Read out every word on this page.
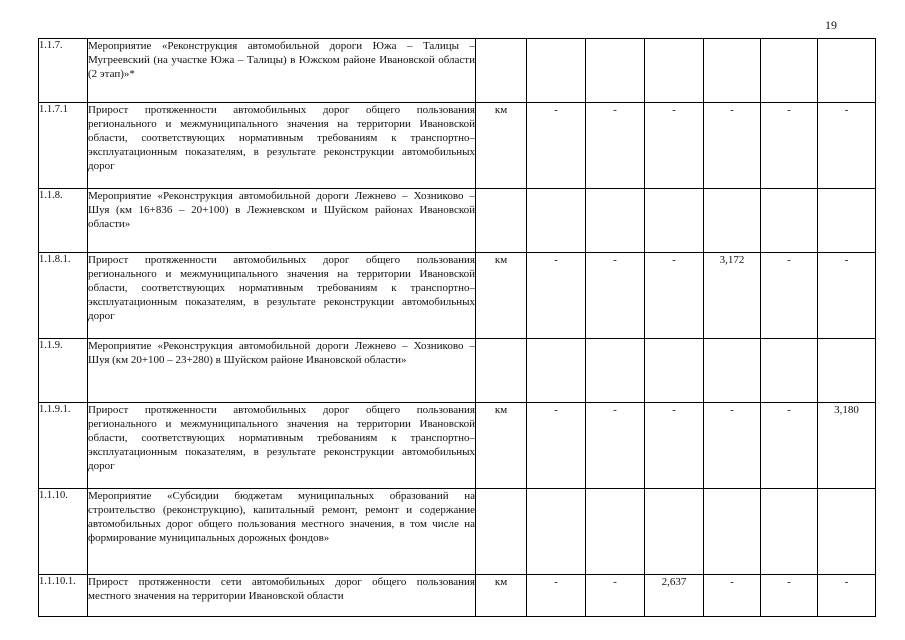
19
1.1.7.	Мероприятие «Реконструкция автомобильной дороги Южа – Талицы – Мугреевский (на участке Южа – Талицы) в Южском районе Ивановской области (2 этап)»*							
1.1.7.1	Прирост протяженности автомобильных дорог общего пользования регионального и межмуниципального значения на территории Ивановской области, соответствующих нормативным требованиям к транспортно–эксплуатационным показателям, в результате реконструкции автомобильных дорог	км	-	-	-	-	-	-
1.1.8.	Мероприятие «Реконструкция автомобильной дороги Лежнево – Хозниково – Шуя (км 16+836 – 20+100) в Лежневском и Шуйском районах Ивановской области»							
1.1.8.1.	Прирост протяженности автомобильных дорог общего пользования регионального и межмуниципального значения на территории Ивановской области, соответствующих нормативным требованиям к транспортно–эксплуатационным показателям, в результате реконструкции автомобильных дорог	км	-	-	-	3,172	-	-
1.1.9.	Мероприятие «Реконструкция автомобильной дороги Лежнево – Хозниково – Шуя (км 20+100 – 23+280) в Шуйском районе Ивановской области»							
1.1.9.1.	Прирост протяженности автомобильных дорог общего пользования регионального и межмуниципального значения на территории Ивановской области, соответствующих нормативным требованиям к транспортно–эксплуатационным показателям, в результате реконструкции автомобильных дорог	км	-	-	-	-	-	3,180
1.1.10.	Мероприятие «Субсидии бюджетам муниципальных образований на строительство (реконструкцию), капитальный ремонт, ремонт и содержание автомобильных дорог общего пользования местного значения, в том числе на формирование муниципальных дорожных фондов»							
1.1.10.1.	Прирост протяженности сети автомобильных дорог общего пользования местного значения на территории Ивановской области	км	-	-	2,637	-	-	-
